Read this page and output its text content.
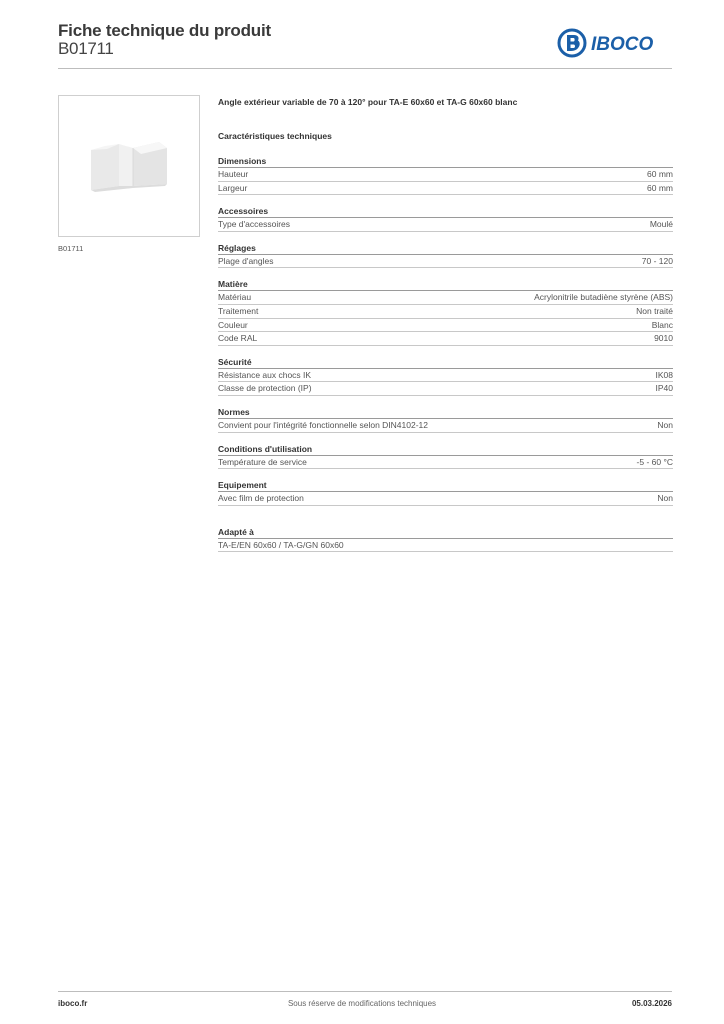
Fiche technique du produit
B01711	IBOCO
B01711
Angle extérieur variable de 70 à 120° pour TA-E 60x60 et TA-G 60x60 blanc
Caractéristiques techniques
Dimensions
Hauteur	60 mm
Largeur	60 mm
Accessoires
Type d'accessoires	Moulé
Réglages
Plage d'angles	70 - 120
Matière
Matériau	Acrylonitrile butadiène styrène (ABS)
Traitement	Non traité
Couleur	Blanc
Code RAL	9010
Sécurité
Résistance aux chocs IK	IK08
Classe de protection (IP)	IP40
Normes
Convient pour l'intégrité fonctionnelle selon DIN4102-12	Non
Conditions d'utilisation
Température de service	-5 - 60 °C
Equipement
Avec film de protection	Non
Adapté à
TA-E/EN 60x60 / TA-G/GN 60x60
iboco.fr	Sous réserve de modifications techniques	05.03.2026
